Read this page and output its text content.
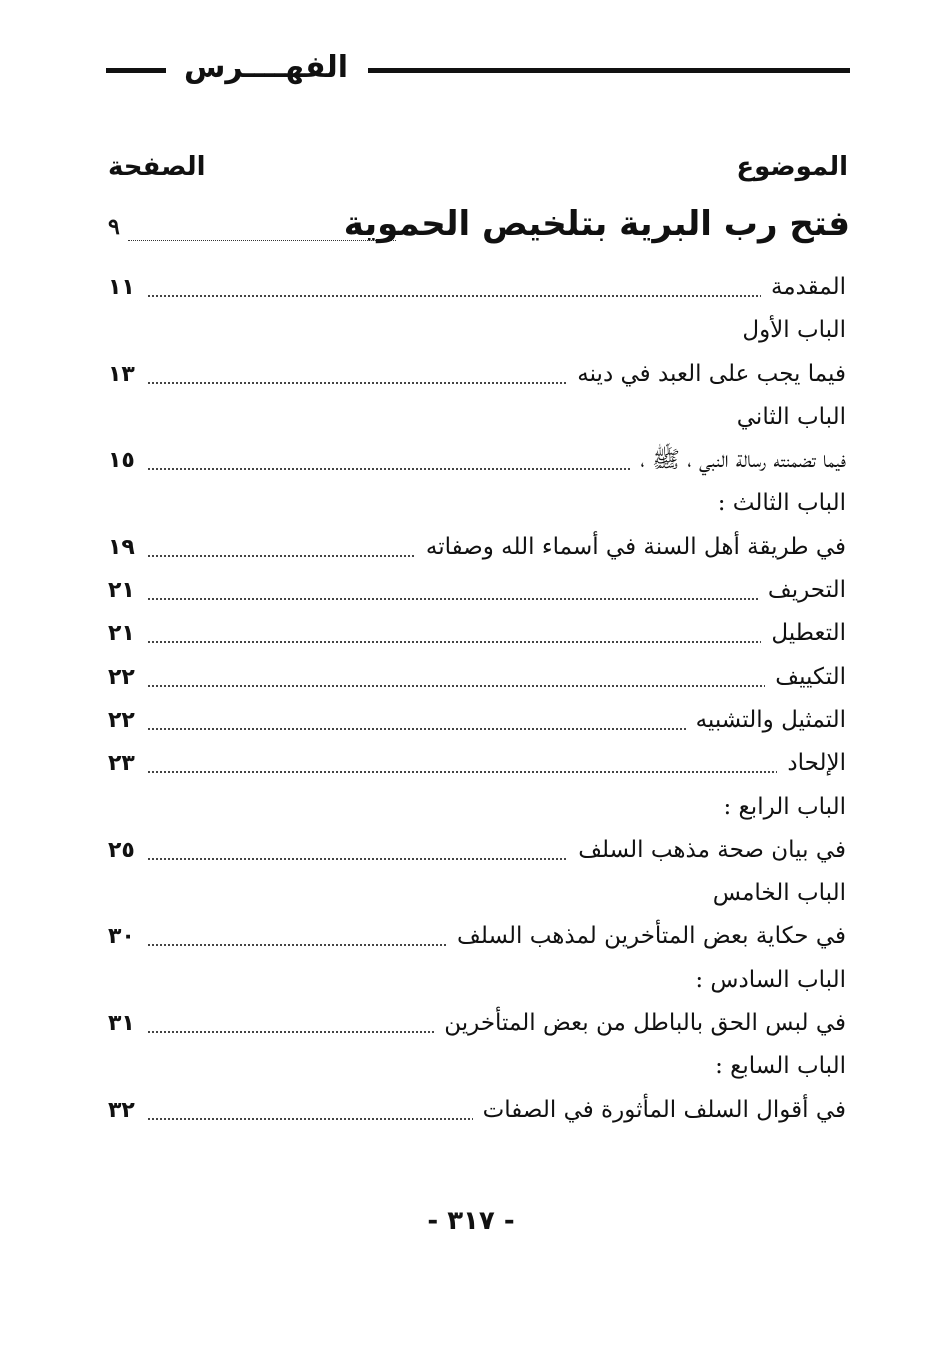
الفهــــرس
الموضوع
الصفحة
فتح رب البرية بتلخيص الحموية
٩
المقدمة
١١
الباب الأول
فيما يجب على العبد في دينه
١٣
الباب الثاني
فيما تضمنته رسالة النبي ، ﷺ ،
١٥
الباب الثالث :
في طريقة أهل السنة في أسماء الله وصفاته
١٩
التحريف
٢١
التعطيل
٢١
التكييف
٢٢
التمثيل والتشبيه
٢٢
الإلحاد
٢٣
الباب الرابع :
في بيان صحة مذهب السلف
٢٥
الباب الخامس
في حكاية بعض المتأخرين لمذهب السلف
٣٠
الباب السادس :
في لبس الحق بالباطل من بعض المتأخرين
٣١
الباب السابع :
في أقوال السلف المأثورة في الصفات
٣٢
- ٣١٧ -
